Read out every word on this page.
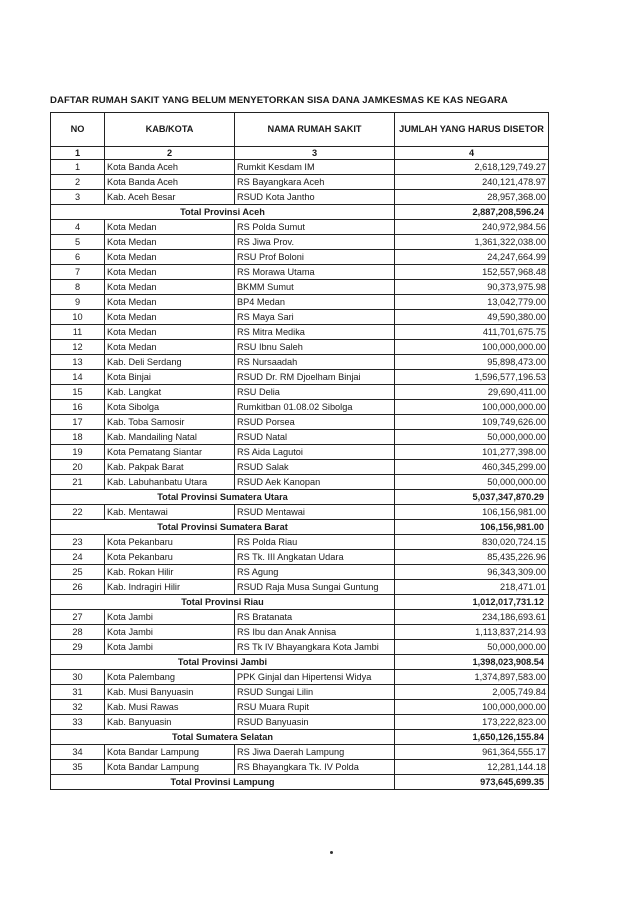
DAFTAR RUMAH SAKIT YANG BELUM MENYETORKAN SISA DANA JAMKESMAS KE KAS NEGARA
NO	KAB/KOTA	NAMA RUMAH SAKIT	JUMLAH YANG HARUS DISETOR
1	2	3	4
1	Kota Banda Aceh	Rumkit Kesdam IM	2,618,129,749.27
2	Kota Banda Aceh	RS Bayangkara Aceh	240,121,478.97
3	Kab. Aceh Besar	RSUD Kota Jantho	28,957,368.00
Total Provinsi Aceh			2,887,208,596.24
4	Kota Medan	RS Polda Sumut	240,972,984.56
5	Kota Medan	RS Jiwa Prov.	1,361,322,038.00
6	Kota Medan	RSU Prof Boloni	24,247,664.99
7	Kota Medan	RS Morawa Utama	152,557,968.48
8	Kota Medan	BKMM Sumut	90,373,975.98
9	Kota Medan	BP4 Medan	13,042,779.00
10	Kota Medan	RS Maya Sari	49,590,380.00
11	Kota Medan	RS Mitra Medika	411,701,675.75
12	Kota Medan	RSU Ibnu Saleh	100,000,000.00
13	Kab. Deli Serdang	RS Nursaadah	95,898,473.00
14	Kota Binjai	RSUD Dr. RM Djoelham Binjai	1,596,577,196.53
15	Kab. Langkat	RSU Delia	29,690,411.00
16	Kota Sibolga	Rumkitban 01.08.02 Sibolga	100,000,000.00
17	Kab. Toba Samosir	RSUD Porsea	109,749,626.00
18	Kab. Mandailing Natal	RSUD Natal	50,000,000.00
19	Kota Pematang Siantar	RS Aida Lagutoi	101,277,398.00
20	Kab. Pakpak Barat	RSUD Salak	460,345,299.00
21	Kab. Labuhanbatu Utara	RSUD Aek Kanopan	50,000,000.00
Total Provinsi Sumatera Utara			5,037,347,870.29
22	Kab. Mentawai	RSUD Mentawai	106,156,981.00
Total Provinsi Sumatera Barat			106,156,981.00
23	Kota Pekanbaru	RS Polda Riau	830,020,724.15
24	Kota Pekanbaru	RS Tk. III Angkatan Udara	85,435,226.96
25	Kab. Rokan Hilir	RS Agung	96,343,309.00
26	Kab. Indragiri Hilir	RSUD Raja Musa Sungai Guntung	218,471.01
Total Provinsi Riau			1,012,017,731.12
27	Kota Jambi	RS Bratanata	234,186,693.61
28	Kota Jambi	RS Ibu dan Anak Annisa	1,113,837,214.93
29	Kota Jambi	RS Tk IV Bhayangkara Kota Jambi	50,000,000.00
Total Provinsi Jambi			1,398,023,908.54
30	Kota Palembang	PPK Ginjal dan Hipertensi Widya	1,374,897,583.00
31	Kab. Musi Banyuasin	RSUD Sungai Lilin	2,005,749.84
32	Kab. Musi Rawas	RSU Muara Rupit	100,000,000.00
33	Kab. Banyuasin	RSUD Banyuasin	173,222,823.00
Total Sumatera Selatan			1,650,126,155.84
34	Kota Bandar Lampung	RS Jiwa Daerah Lampung	961,364,555.17
35	Kota Bandar Lampung	RS Bhayangkara Tk. IV Polda	12,281,144.18
Total Provinsi Lampung			973,645,699.35
